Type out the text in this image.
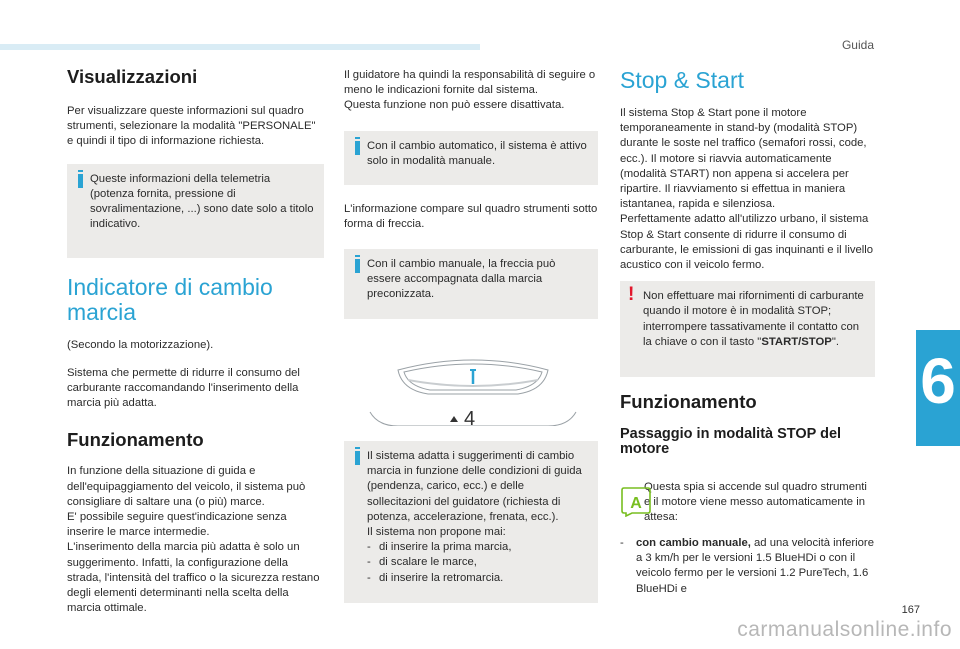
Guida
6
Visualizzazioni

Per visualizzare queste informazioni sul quadro strumenti, selezionare la modalità "PERSONALE" e quindi il tipo di informazione richiesta.

Queste informazioni della telemetria (potenza fornita, pressione di sovralimentazione, ...) sono date solo a titolo indicativo.
Indicatore di cambio
marcia

(Secondo la motorizzazione).

Sistema che permette di ridurre il consumo del carburante raccomandando l'inserimento della marcia più adatta.

Funzionamento

In funzione della situazione di guida e dell'equipaggiamento del veicolo, il sistema può consigliare di saltare una (o più) marce.

E' possibile seguire quest'indicazione senza inserire le marce intermedie.

L'inserimento della marcia più adatta è solo un suggerimento. Infatti, la configurazione della strada, l'intensità del traffico o la sicurezza restano degli elementi determinanti nella scelta della marcia ottimale.

Il guidatore ha quindi la responsabilità di seguire o meno le indicazioni fornite dal sistema.

Questa funzione non può essere disattivata.

Con il cambio automatico, il sistema è attivo solo in modalità manuale.

L'informazione compare sul quadro strumenti sotto forma di freccia.

Con il cambio manuale, la freccia può essere accompagnata dalla marcia preconizzata.
4

Il sistema adatta i suggerimenti di cambio marcia in funzione delle condizioni di guida (pendenza, carico, ecc.) e delle sollecitazioni del guidatore (richiesta di potenza, accelerazione, frenata, ecc.).

Il sistema non propone mai:

- di inserire la prima marcia,
- di scalare le marce,
- di inserire la retromarcia.
Stop & Start

Il sistema Stop & Start pone il motore temporaneamente in stand-by (modalità STOP) durante le soste nel traffico (semafori rossi, code, ecc.). Il motore si riavvia automaticamente (modalità START) non appena si accelera per ripartire. Il riavviamento si effettua in maniera istantanea, rapida e silenziosa.

Perfettamente adatto all'utilizzo urbano, il sistema Stop & Start consente di ridurre il consumo di carburante, le emissioni di gas inquinanti e il livello acustico con il veicolo fermo.

! Non effettuare mai rifornimenti di carburante quando il motore è in modalità STOP; interrompere tassativamente il contatto con la chiave o con il tasto "START/STOP".
Funzionamento
Passaggio in modalità STOP del motore

Questa spia si accende sul quadro strumenti e il motore viene messo automaticamente in attesa:

-	con cambio manuale, ad una velocità inferiore a 3 km/h per le versioni 1.5 BlueHDi o con il veicolo fermo per le versioni 1.2 PureTech, 1.6 BlueHDi e
A
167
carmanualsonline.info
